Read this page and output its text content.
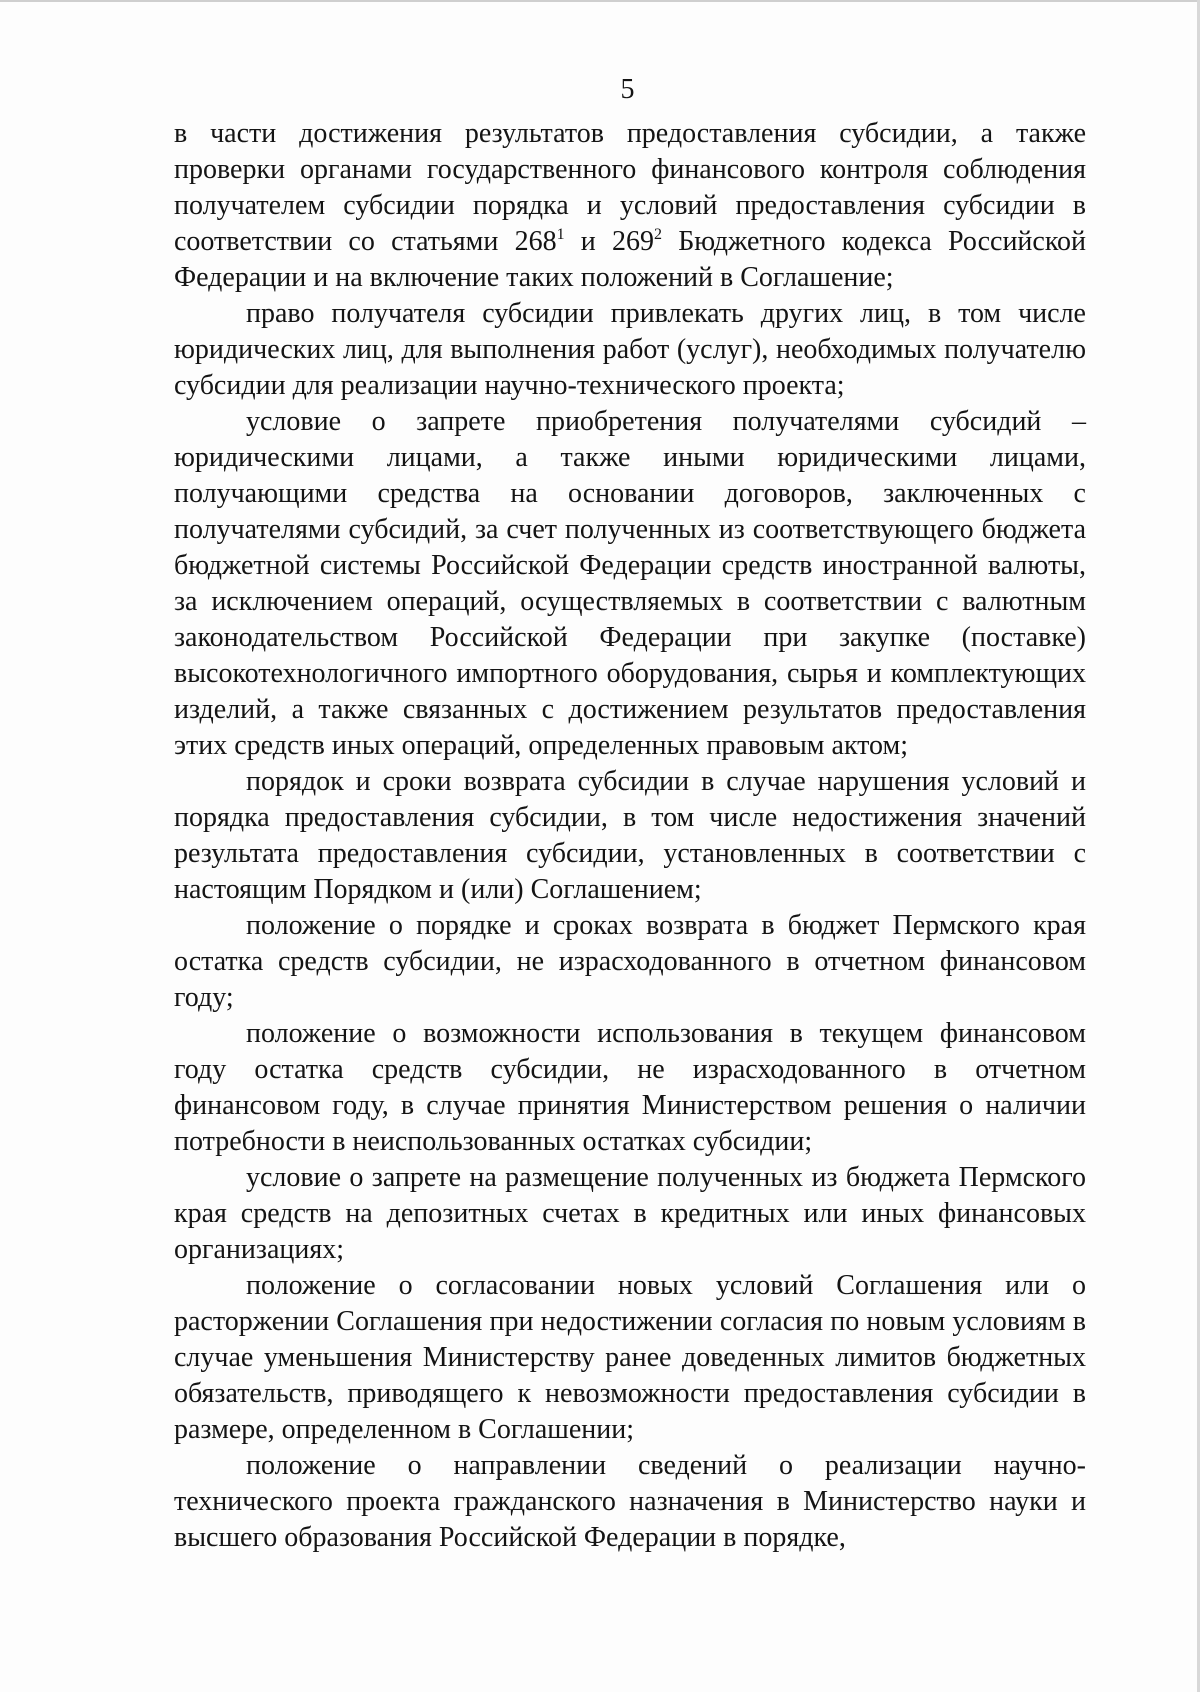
5

в части достижения результатов предоставления субсидии, а также проверки органами государственного финансового контроля соблюдения получателем субсидии порядка и условий предоставления субсидии в соответствии со статьями $268^1$ и $269^2$ Бюджетного кодекса Российской Федерации и на включение таких положений в Соглашение;

право получателя субсидии привлекать других лиц, в том числе юридических лиц, для выполнения работ (услуг), необходимых получателю субсидии для реализации научно-технического проекта;

условие о запрете приобретения получателями субсидий – юридическими лицами, а также иными юридическими лицами, получающими средства на основании договоров, заключенных с получателями субсидий, за счет полученных из соответствующего бюджета бюджетной системы Российской Федерации средств иностранной валюты, за исключением операций, осуществляемых в соответствии с валютным законодательством Российской Федерации при закупке (поставке) высокотехнологичного импортного оборудования, сырья и комплектующих изделий, а также связанных с достижением результатов предоставления этих средств иных операций, определенных правовым актом;

порядок и сроки возврата субсидии в случае нарушения условий и порядка предоставления субсидии, в том числе недостижения значений результата предоставления субсидии, установленных в соответствии с настоящим Порядком и (или) Соглашением;

положение о порядке и сроках возврата в бюджет Пермского края остатка средств субсидии, не израсходованного в отчетном финансовом году;

положение о возможности использования в текущем финансовом году остатка средств субсидии, не израсходованного в отчетном финансовом году, в случае принятия Министерством решения о наличии потребности в неиспользованных остатках субсидии;

условие о запрете на размещение полученных из бюджета Пермского края средств на депозитных счетах в кредитных или иных финансовых организациях;

положение о согласовании новых условий Соглашения или о расторжении Соглашения при недостижении согласия по новым условиям в случае уменьшения Министерству ранее доведенных лимитов бюджетных обязательств, приводящего к невозможности предоставления субсидии в размере, определенном в Соглашении;

положение о направлении сведений о реализации научно-технического проекта гражданского назначения в Министерство науки и высшего образования Российской Федерации в порядке,
